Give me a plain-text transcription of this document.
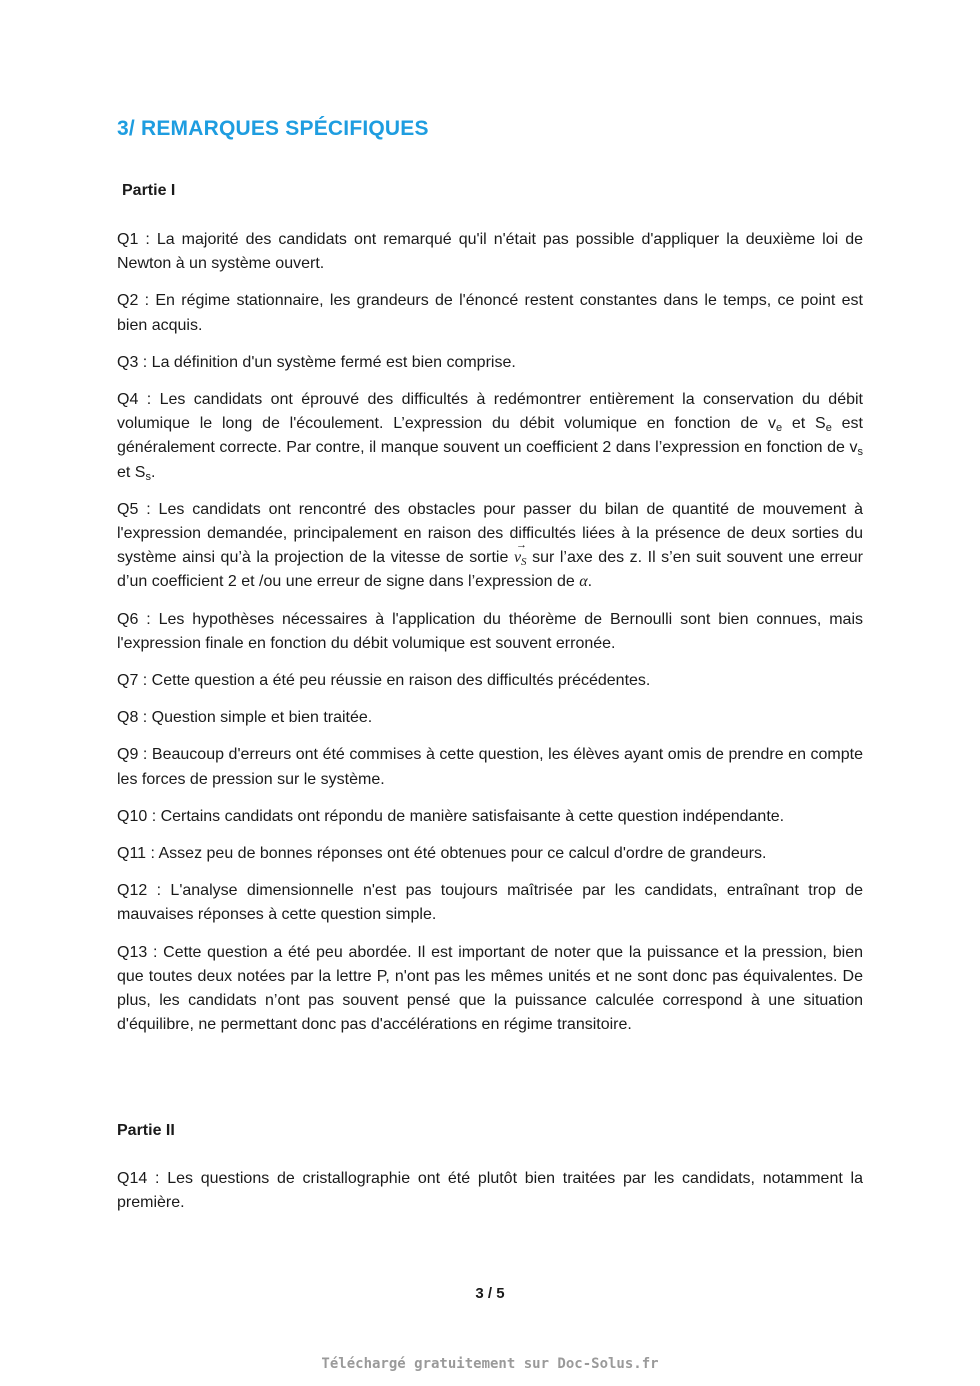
3/ REMARQUES SPÉCIFIQUES
Partie I

Q1 : La majorité des candidats ont remarqué qu'il n'était pas possible d'appliquer la deuxième loi de Newton à un système ouvert.

Q2 : En régime stationnaire, les grandeurs de l'énoncé restent constantes dans le temps, ce point est bien acquis.

Q3 : La définition d'un système fermé est bien comprise.

Q4 : Les candidats ont éprouvé des difficultés à redémontrer entièrement la conservation du débit volumique le long de l'écoulement. L’expression du débit volumique en fonction de $v_e$ et $S_e$ est généralement correcte. Par contre, il manque souvent un coefficient 2 dans l’expression en fonction de $v_s$ et $S_s$.

Q5 : Les candidats ont rencontré des obstacles pour passer du bilan de quantité de mouvement à l'expression demandée, principalement en raison des difficultés liées à la présence de deux sorties du système ainsi qu’à la projection de la vitesse de sortie → $v_S$ sur l’axe des z. Il s’en suit souvent une erreur d’un coefficient 2 et /ou une erreur de signe dans l’expression de α.

Q6 : Les hypothèses nécessaires à l'application du théorème de Bernoulli sont bien connues, mais l'expression finale en fonction du débit volumique est souvent erronée.

Q7 : Cette question a été peu réussie en raison des difficultés précédentes.

Q8 : Question simple et bien traitée.

Q9 : Beaucoup d'erreurs ont été commises à cette question, les élèves ayant omis de prendre en compte les forces de pression sur le système.

Q10 : Certains candidats ont répondu de manière satisfaisante à cette question indépendante.

Q11 : Assez peu de bonnes réponses ont été obtenues pour ce calcul d'ordre de grandeurs.

Q12 : L'analyse dimensionnelle n'est pas toujours maîtrisée par les candidats, entraînant trop de mauvaises réponses à cette question simple.

Q13 : Cette question a été peu abordée. Il est important de noter que la puissance et la pression, bien que toutes deux notées par la lettre P, n'ont pas les mêmes unités et ne sont donc pas équivalentes. De plus, les candidats n’ont pas souvent pensé que la puissance calculée correspond à une situation d'équilibre, ne permettant donc pas d'accélérations en régime transitoire.

Partie II

Q14 : Les questions de cristallographie ont été plutôt bien traitées par les candidats, notamment la première.

3 / 5
Téléchargé gratuitement sur Doc-Solus.fr
